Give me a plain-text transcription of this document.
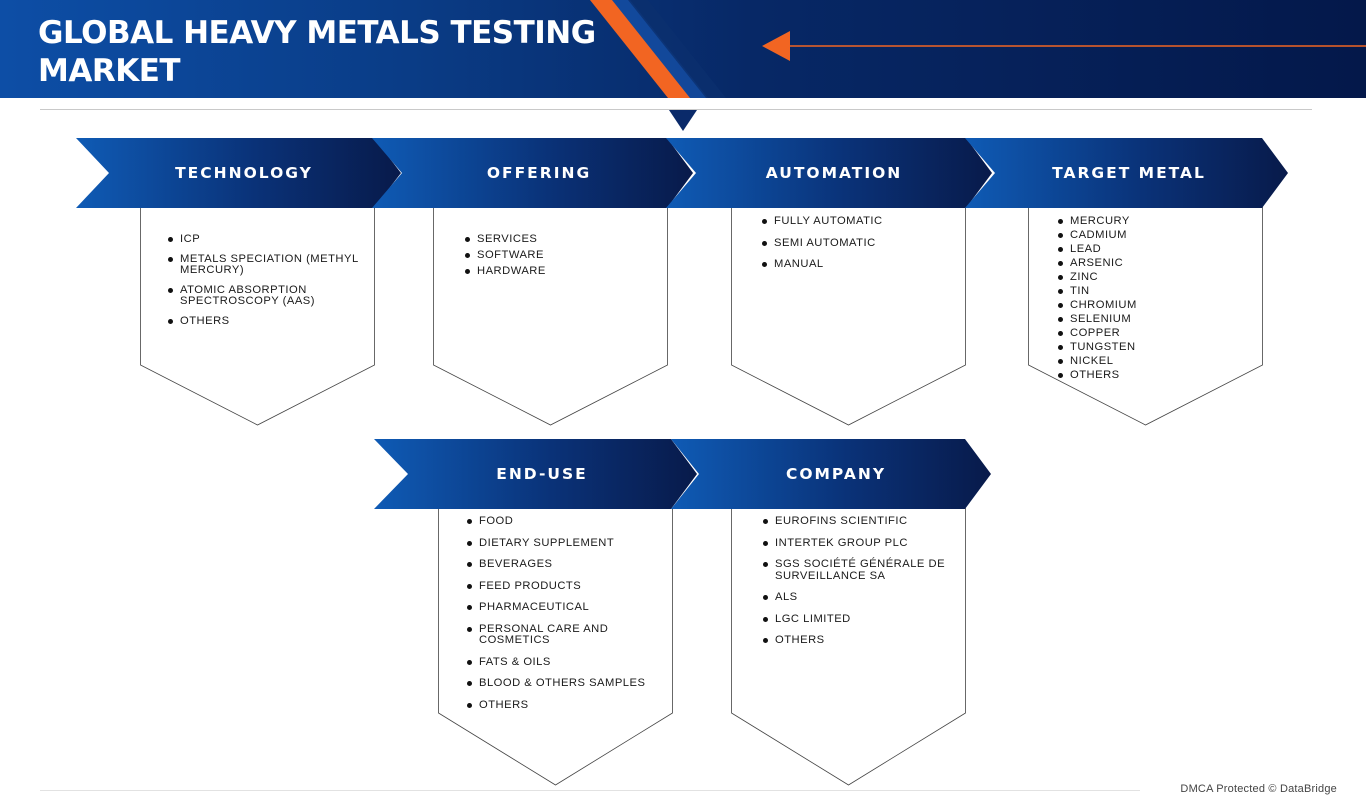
GLOBAL HEAVY METALS TESTING MARKET
ICP
METALS SPECIATION (METHYL MERCURY)
ATOMIC ABSORPTION SPECTROSCOPY (AAS)
OTHERS
SERVICES
SOFTWARE
HARDWARE
FULLY AUTOMATIC
SEMI AUTOMATIC
MANUAL
MERCURY
CADMIUM
LEAD
ARSENIC
ZINC
TIN
CHROMIUM
SELENIUM
COPPER
TUNGSTEN
NICKEL
OTHERS
FOOD
DIETARY SUPPLEMENT
BEVERAGES
FEED PRODUCTS
PHARMACEUTICAL
PERSONAL CARE AND COSMETICS
FATS & OILS
BLOOD & OTHERS SAMPLES
OTHERS
EUROFINS SCIENTIFIC
INTERTEK GROUP PLC
SGS SOCIÉTÉ GÉNÉRALE DE SURVEILLANCE SA
ALS
LGC LIMITED
OTHERS
TECHNOLOGY	OFFERING	AUTOMATION	TARGET METAL
END-USE	COMPANY
DMCA Protected © DataBridge
